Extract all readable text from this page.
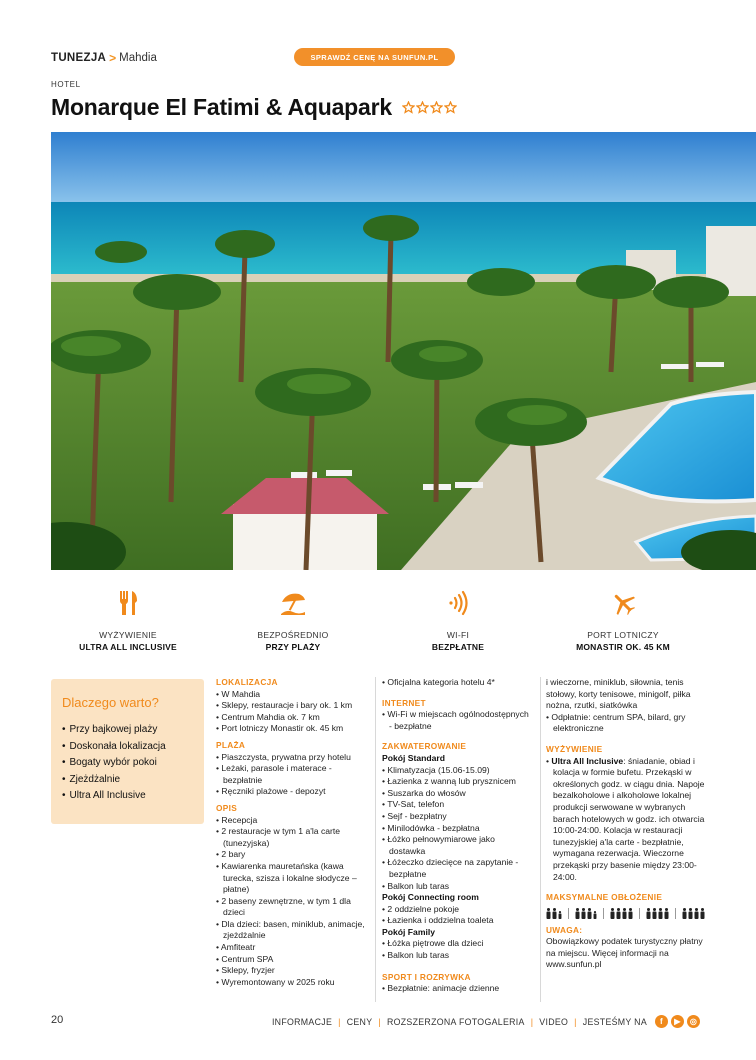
TUNEZJA > Mahdia	SPRAWDŹ CENĘ NA SUNFUN.PL
HOTEL
Monarque El Fatimi & Aquapark
WYŻYWIENIE
ULTRA ALL INCLUSIVE
BEZPOŚREDNIO
PRZY PLAŻY
WI-FI
BEZPŁATNE
PORT LOTNICZY
MONASTIR OK. 45 KM
Dlaczego warto?
• Przy bajkowej plaży
• Doskonała lokalizacja
• Bogaty wybór pokoi
• Zjeżdżalnie
• Ultra All Inclusive
LOKALIZACJA
• W Mahdia
• Sklepy, restauracje i bary ok. 1 km
• Centrum Mahdia ok. 7 km
• Port lotniczy Monastir ok. 45 km
PLAŻA
• Piaszczysta, prywatna przy hotelu
• Leżaki, parasole i materace - bezpłatnie
• Ręczniki plażowe - depozyt
OPIS
• Recepcja
• 2 restauracje w tym 1 a'la carte (tunezyjska)
• 2 bary
• Kawiarenka mauretańska (kawa turecka, szisza i lokalne słodycze – płatne)
• 2 baseny zewnętrzne, w tym 1 dla dzieci
• Dla dzieci: basen, miniklub, animacje, zjeżdżalnie
• Amfiteatr
• Centrum SPA
• Sklepy, fryzjer
• Wyremontowany w 2025 roku
• Oficjalna kategoria hotelu 4*
INTERNET
• Wi-Fi w miejscach ogólnodostępnych - bezpłatne
ZAKWATEROWANIE
Pokój Standard
• Klimatyzacja (15.06-15.09)
• Łazienka z wanną lub prysznicem
• Suszarka do włosów
• TV-Sat, telefon
• Sejf - bezpłatny
• Minilodówka - bezpłatna
• Łóżko pełnowymiarowe jako dostawka
• Łóżeczko dziecięce na zapytanie - bezpłatne
• Balkon lub taras
Pokój Connecting room
• 2 oddzielne pokoje
• Łazienka i oddzielna toaleta
Pokój Family
• Łóżka piętrowe dla dzieci
• Balkon lub taras
SPORT I ROZRYWKA
• Bezpłatnie: animacje dzienne

i wieczorne, miniklub, siłownia, tenis stołowy, korty tenisowe, minigolf, piłka nożna, rzutki, siatkówka

• Odpłatnie: centrum SPA, bilard, gry elektroniczne
WYŻYWIENIE
• Ultra All Inclusive: śniadanie, obiad i kolacja w formie bufetu. Przekąski w określonych godz. w ciągu dnia. Napoje bezalkoholowe i alkoholowe lokalnej produkcji serwowane w wybranych barach hotelowych w godz. ich otwarcia 10:00-24:00. Kolacja w restauracji tunezyjskiej a'la carte - bezpłatnie, wymagana rezerwacja. Wieczorne przekąski przy basenie między 23:00-24:00.
MAKSYMALNE OBŁOŻENIE
UWAGA:

Obowiązkowy podatek turystyczny płatny na miejscu. Więcej informacji na www.sunfun.pl

20	INFORMACJE | CENY | ROZSZERZONA FOTOGALERIA | VIDEO | JESTEŚMY NA	f	▶	◎
